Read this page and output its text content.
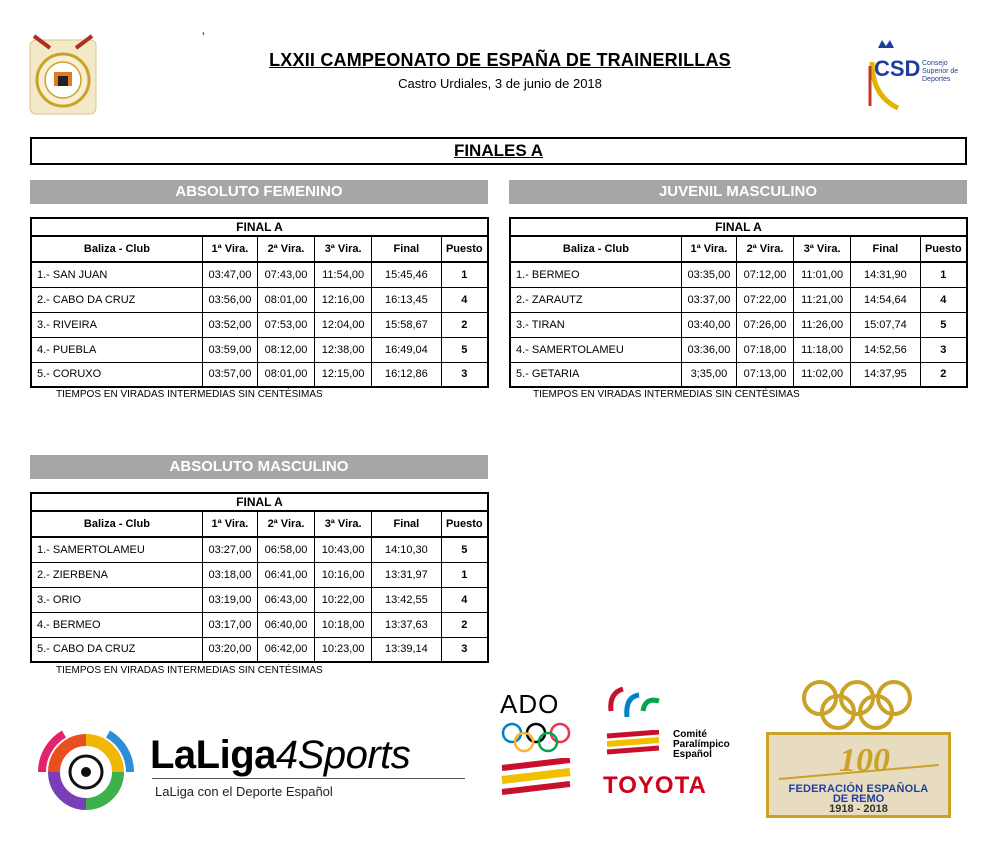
’
LXXII CAMPEONATO DE ESPAÑA DE TRAINERILLAS
Castro Urdiales, 3 de junio de 2018
CSD Consejo
Superior de
Deportes
FINALES A
ABSOLUTO FEMENINO	JUVENIL MASCULINO
ABSOLUTO MASCULINO
FINAL A					
Baliza - Club	1ª Vira.	2ª Vira.	3ª Vira.	Final	Puesto
1.- SAN JUAN	03:47,00	07:43,00	11:54,00	15:45,46	1
2.- CABO DA CRUZ	03:56,00	08:01,00	12:16,00	16:13,45	4
3.- RIVEIRA	03:52,00	07:53,00	12:04,00	15:58,67	2
4.- PUEBLA	03:59,00	08:12,00	12:38,00	16:49,04	5
5.- CORUXO	03:57,00	08:01,00	12:15,00	16:12,86	3
FINAL A					
Baliza - Club	1ª Vira.	2ª Vira.	3ª Vira.	Final	Puesto
1.- BERMEO	03:35,00	07:12,00	11:01,00	14:31,90	1
2.- ZARAUTZ	03:37,00	07:22,00	11:21,00	14:54,64	4
3.- TIRAN	03:40,00	07:26,00	11:26,00	15:07,74	5
4.- SAMERTOLAMEU	03:36,00	07:18,00	11:18,00	14:52,56	3
5.- GETARIA	3;35,00	07:13,00	11:02,00	14:37,95	2
FINAL A					
Baliza - Club	1ª Vira.	2ª Vira.	3ª Vira.	Final	Puesto
1.- SAMERTOLAMEU	03:27,00	06:58,00	10:43,00	14:10,30	5
2.- ZIERBENA	03:18,00	06:41,00	10:16,00	13:31,97	1
3.- ORIO	03:19,00	06:43,00	10:22,00	13:42,55	4
4.- BERMEO	03:17,00	06:40,00	10:18,00	13:37,63	2
5.- CABO DA CRUZ	03:20,00	06:42,00	10:23,00	13:39,14	3
TIEMPOS EN VIRADAS INTERMEDIAS SIN CENTÉSIMAS	TIEMPOS EN VIRADAS INTERMEDIAS SIN CENTÉSIMAS
TIEMPOS EN VIRADAS INTERMEDIAS SIN CENTÉSIMAS
LaLiga4Sports
LaLiga con el Deporte Español
ADO
Comité
Paralímpico
Español
TOYOTA
100
FEDERACIÓN ESPAÑOLA
DE REMO
1918 - 2018
